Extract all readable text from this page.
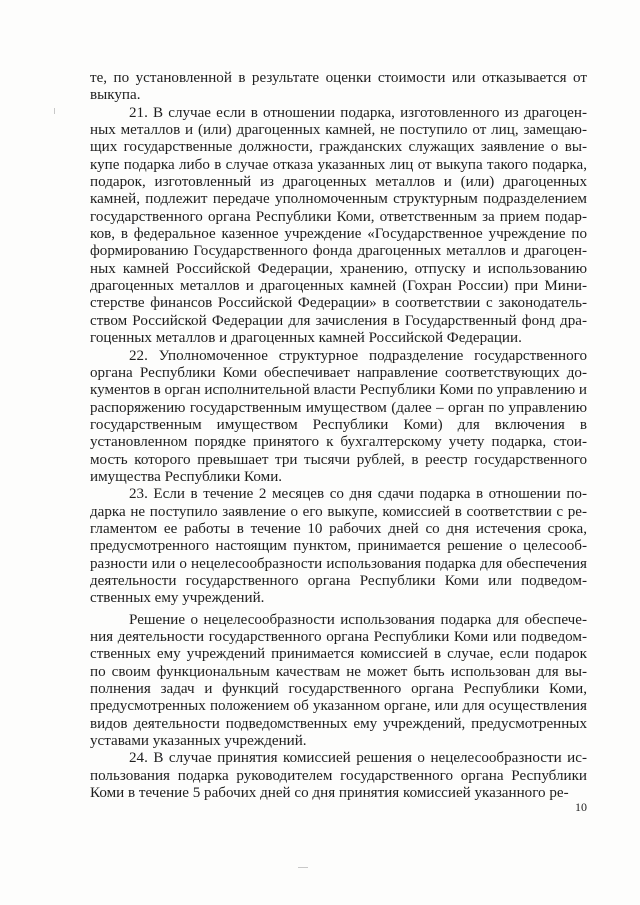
те, по установленной в результате оценки стоимости или отказывается от выкупа.

21. В случае если в отношении подарка, изготовленного из драгоценных металлов и (или) драгоценных камней, не поступило от лиц, замещающих государственные должности, гражданских служащих заявление о выкупе подарка либо в случае отказа указанных лиц от выкупа такого подарка, подарок, изготовленный из драгоценных металлов и (или) драгоценных камней, подлежит передаче уполномоченным структурным подразделением государственного органа Республики Коми, ответственным за прием подарков, в федеральное казенное учреждение «Государственное учреждение по формированию Государственного фонда драгоценных металлов и драгоценных камней Российской Федерации, хранению, отпуску и использованию драгоценных металлов и драгоценных камней (Гохран России) при Министерстве финансов Российской Федерации» в соответствии с законодательством Российской Федерации для зачисления в Государственный фонд драгоценных металлов и драгоценных камней Российской Федерации.

22. Уполномоченное структурное подразделение государственного органа Республики Коми обеспечивает направление соответствующих документов в орган исполнительной власти Республики Коми по управлению и распоряжению государственным имуществом (далее – орган по управлению государственным имуществом Республики Коми) для включения в установленном порядке принятого к бухгалтерскому учету подарка, стоимость которого превышает три тысячи рублей, в реестр государственного имущества Республики Коми.

23. Если в течение 2 месяцев со дня сдачи подарка в отношении подарка не поступило заявление о его выкупе, комиссией в соответствии с регламентом ее работы в течение 10 рабочих дней со дня истечения срока, предусмотренного настоящим пунктом, принимается решение о целесообразности или о нецелесообразности использования подарка для обеспечения деятельности государственного органа Республики Коми или подведомственных ему учреждений.

Решение о нецелесообразности использования подарка для обеспечения деятельности государственного органа Республики Коми или подведомственных ему учреждений принимается комиссией в случае, если подарок по своим функциональным качествам не может быть использован для выполнения задач и функций государственного органа Республики Коми, предусмотренных положением об указанном органе, или для осуществления видов деятельности подведомственных ему учреждений, предусмотренных уставами указанных учреждений.

24. В случае принятия комиссией решения о нецелесообразности использования подарка руководителем государственного органа Республики Коми в течение 5 рабочих дней со дня принятия комиссией указанного ре-

10
